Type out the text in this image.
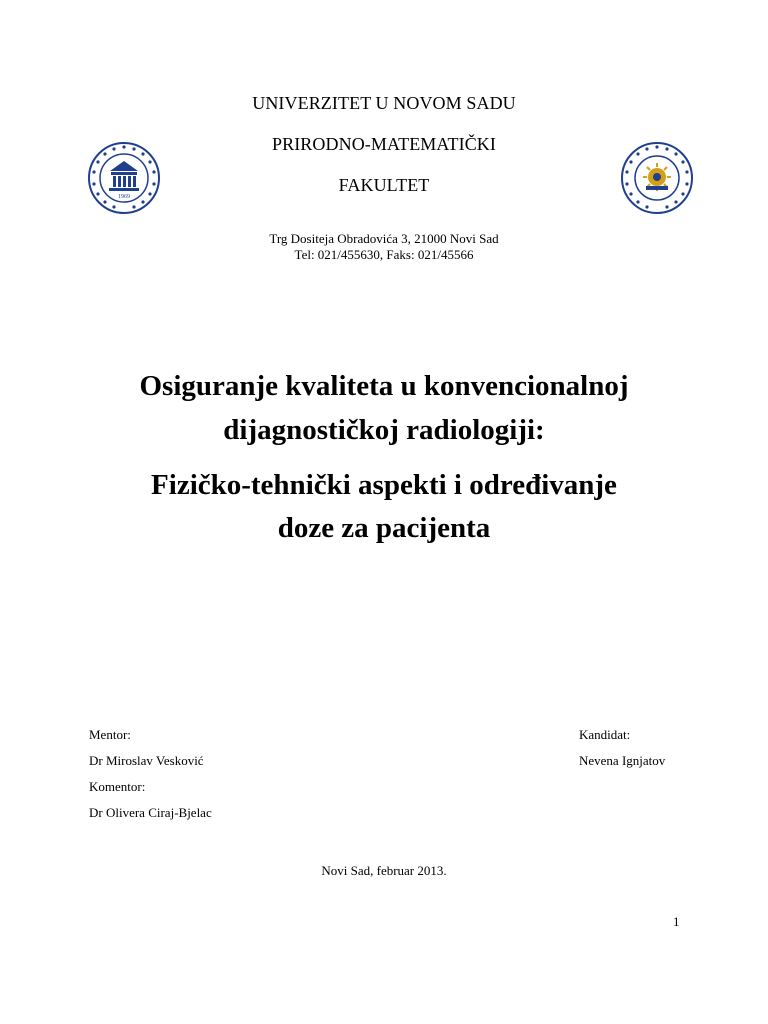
UNIVERZITET U NOVOM SADU
PRIRODNO-MATEMATIČKI
FAKULTET
1969
Trg Dositeja Obradovića 3, 21000 Novi Sad
Tel: 021/455630, Faks: 021/45566
Osiguranje kvaliteta u konvencionalnoj
dijagnostičkoj radiologiji:
Fizičko-tehnički aspekti i određivanje
doze za pacijenta
Mentor:
Dr Miroslav Vesković
Komentor:
Dr Olivera Ciraj-Bjelac
Kandidat:
Nevena Ignjatov
Novi Sad, februar 2013.
1
